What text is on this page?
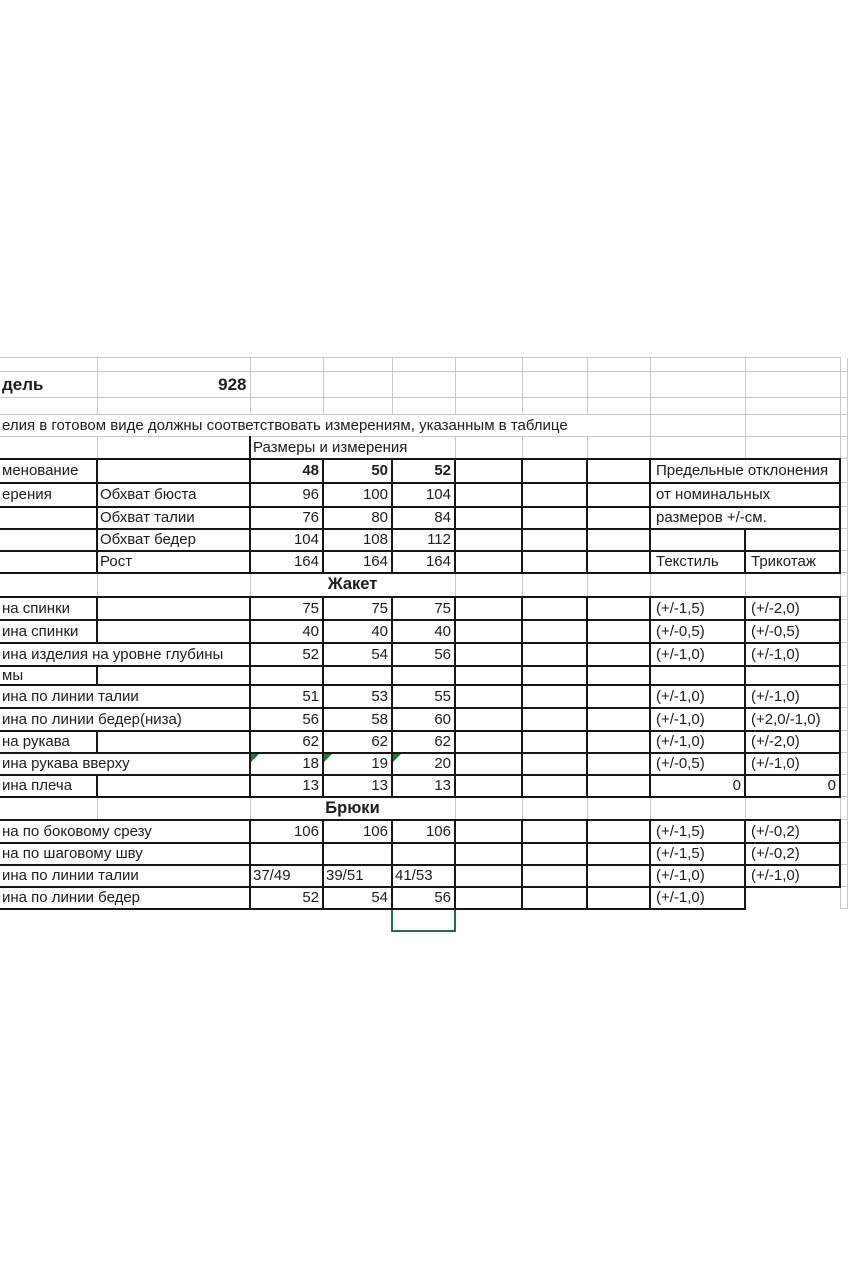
дель	928									

елия в готовом виде должны соответствовать измерениям, указанным в таблице										
		Размеры и измерения								
менование		48	50	52				Предельные отклонения		
ерения	Обхват бюста	96	100	104				от номинальных		
	Обхват талии	76	80	84				размеров +/-см.		
	Обхват бедер	104	108	112						
	Рост	164	164	164				Текстиль	Трикотаж	
		Жакет								
на спинки		75	75	75				(+/-1,5)	(+/-2,0)	
ина спинки		40	40	40				(+/-0,5)	(+/-0,5)	
ина изделия на уровне глубины		52	54	56				(+/-1,0)	(+/-1,0)	
мы										
ина по линии талии		51	53	55				(+/-1,0)	(+/-1,0)	
ина по линии бедер(низа)		56	58	60				(+/-1,0)	(+2,0/-1,0)	
на рукава		62	62	62				(+/-1,0)	(+/-2,0)	
ина рукава вверху		18	19	20				(+/-0,5)	(+/-1,0)	
ина плеча		13	13	13				0	0	
		Брюки								
на по боковому срезу		106	106	106				(+/-1,5)	(+/-0,2)	
на по шаговому шву								(+/-1,5)	(+/-0,2)	
ина по линии талии		37/49	39/51	41/53				(+/-1,0)	(+/-1,0)	
ина по линии бедер		52	54	56				(+/-1,0)		
